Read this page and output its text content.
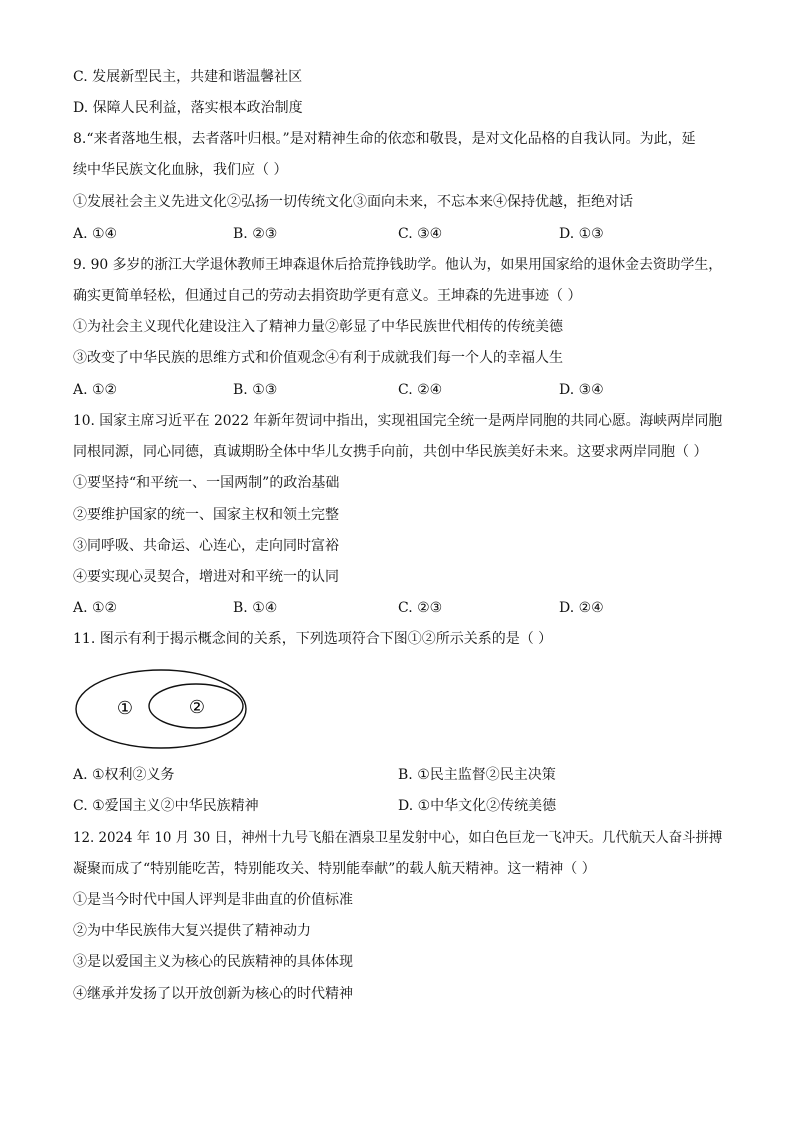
C. 发展新型民主，共建和谐温馨社区
D. 保障人民利益，落实根本政治制度
8.“来者落地生根，去者落叶归根。”是对精神生命的依恋和敬畏，是对文化品格的自我认同。为此，延
续中华民族文化血脉，我们应（ ）
①发展社会主义先进文化②弘扬一切传统文化③面向未来，不忘本来④保持优越，拒绝对话
A. ①④	B. ②③	C. ③④	D. ①③
9. 90 多岁的浙江大学退休教师王坤森退休后拾荒挣钱助学。他认为，如果用国家给的退休金去资助学生，
确实更简单轻松，但通过自己的劳动去捐资助学更有意义。王坤森的先进事迹（ ）
①为社会主义现代化建设注入了精神力量②彰显了中华民族世代相传的传统美德
③改变了中华民族的思维方式和价值观念④有利于成就我们每一个人的幸福人生
A. ①②	B. ①③	C. ②④	D. ③④
10. 国家主席习近平在 2022 年新年贺词中指出，实现祖国完全统一是两岸同胞的共同心愿。海峡两岸同胞
同根同源，同心同德，真诚期盼全体中华儿女携手向前，共创中华民族美好未来。这要求两岸同胞（ ）
①要坚持“和平统一、一国两制”的政治基础
②要维护国家的统一、国家主权和领土完整
③同呼吸、共命运、心连心，走向同时富裕
④要实现心灵契合，增进对和平统一的认同
A. ①②	B. ①④	C. ②③	D. ②④
11. 图示有利于揭示概念间的关系，下列选项符合下图①②所示关系的是（ ）
①	②
A. ①权利②义务	B. ①民主监督②民主决策
C. ①爱国主义②中华民族精神	D. ①中华文化②传统美德
12. 2024 年 10 月 30 日，神州十九号飞船在酒泉卫星发射中心，如白色巨龙一飞冲天。几代航天人奋斗拼搏
凝聚而成了“特别能吃苦，特别能攻关、特别能奉献”的载人航天精神。这一精神（ ）
①是当今时代中国人评判是非曲直的价值标准
②为中华民族伟大复兴提供了精神动力
③是以爱国主义为核心的民族精神的具体体现
④继承并发扬了以开放创新为核心的时代精神
